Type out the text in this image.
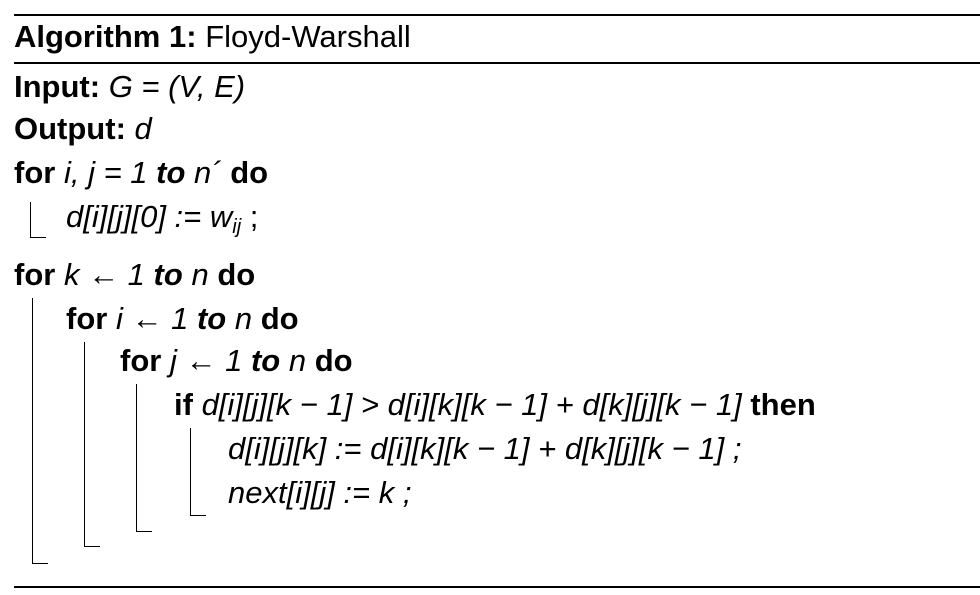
Algorithm 1: Floyd-Warshall
Input: G = (V, E)
Output: d
for i, j = 1 to n´ do
d[i][j][0] := $w_{ij}$ ;
for k ← 1 to n do
for i ← 1 to n do
for j ← 1 to n do
if d[i][j][k − 1] > d[i][k][k − 1] + d[k][j][k − 1] then
d[i][j][k] := d[i][k][k − 1] + d[k][j][k − 1] ;
next[i][j] := k ;
